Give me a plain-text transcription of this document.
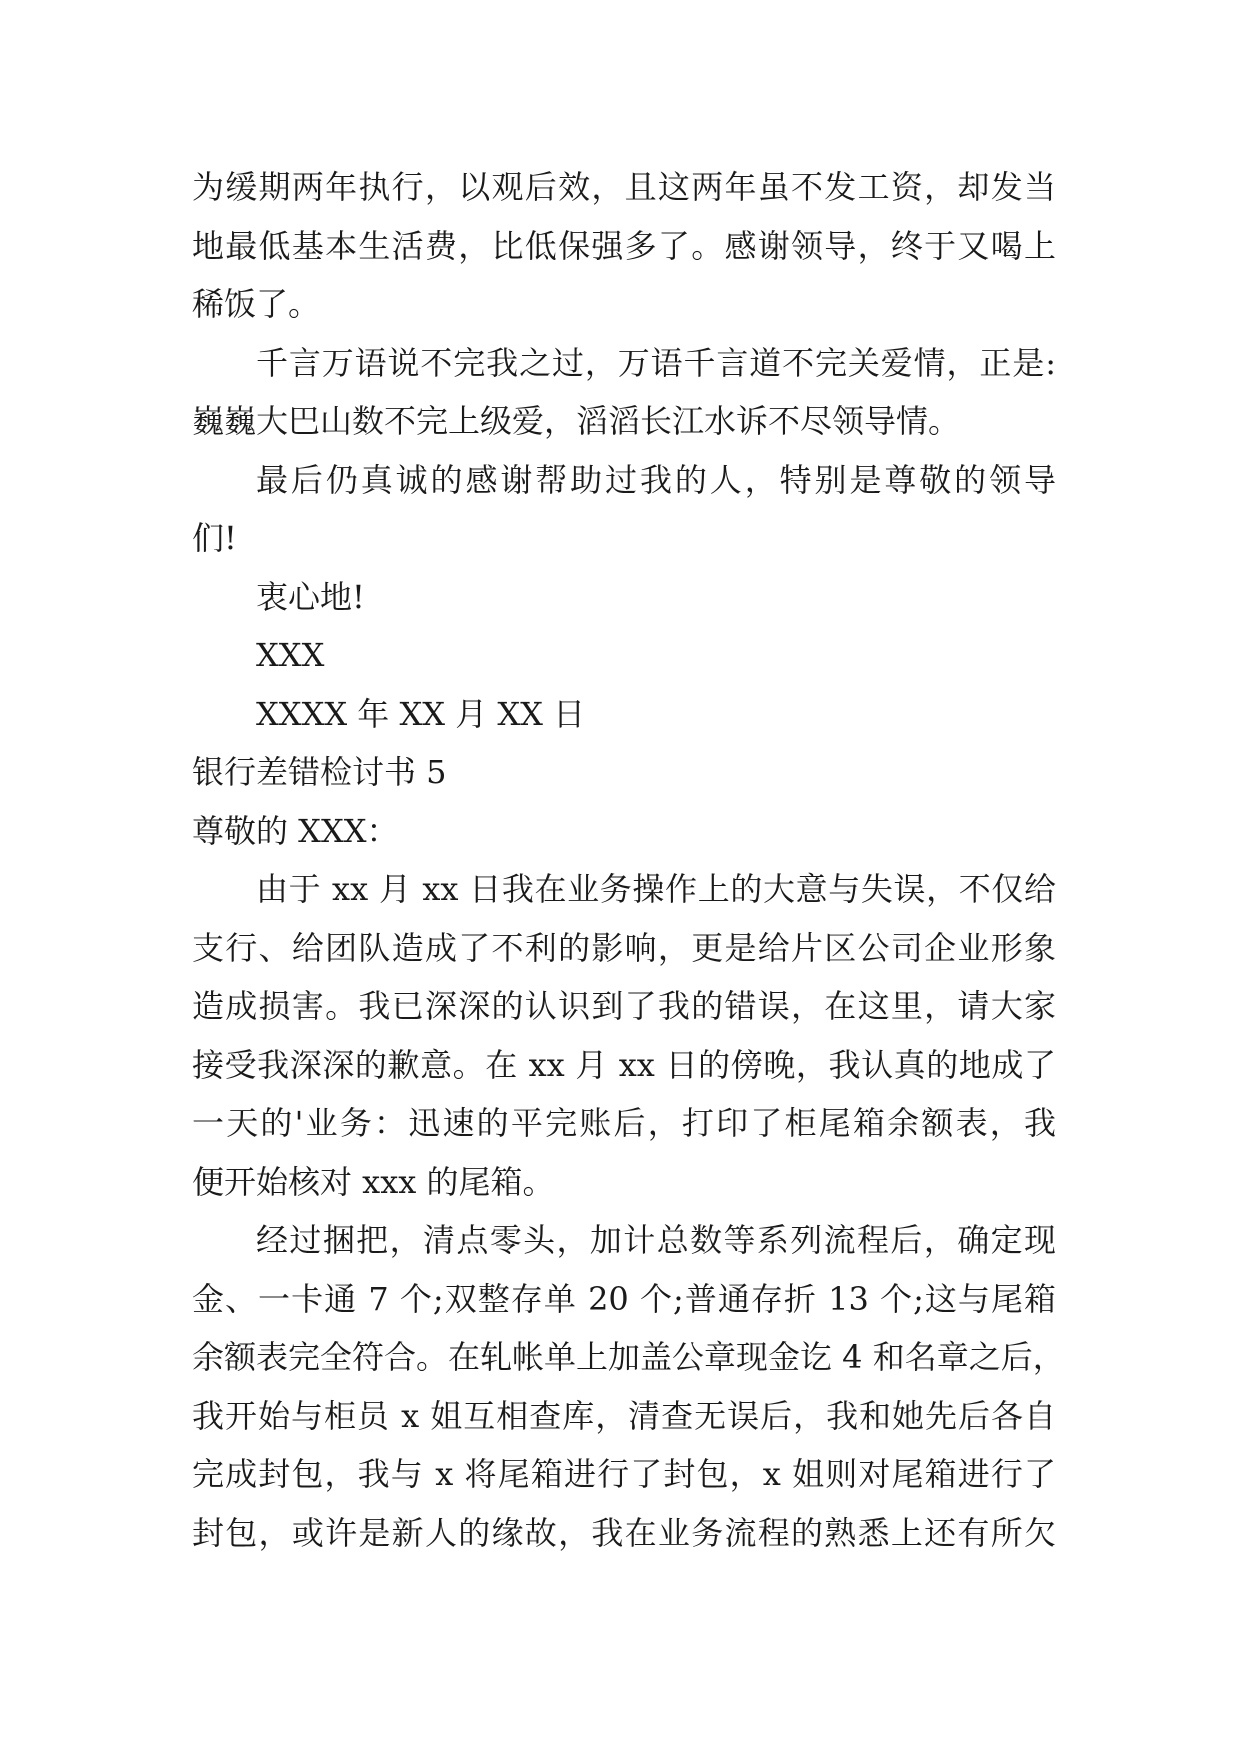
为缓期两年执行，以观后效，且这两年虽不发工资，却发当
地最低基本生活费，比低保强多了。感谢领导，终于又喝上
稀饭了。
千言万语说不完我之过，万语千言道不完关爱情，正是:
巍巍大巴山数不完上级爱，滔滔长江水诉不尽领导情。
最后仍真诚的感谢帮助过我的人，特别是尊敬的领导
们!
衷心地!
XXX
XXXX 年 XX 月 XX 日
银行差错检讨书 5
尊敬的 XXX：
由于 xx 月 xx 日我在业务操作上的大意与失误，不仅给
支行、给团队造成了不利的影响，更是给片区公司企业形象
造成损害。我已深深的认识到了我的错误，在这里，请大家
接受我深深的歉意。在 xx 月 xx 日的傍晚，我认真的地成了
一天的'业务：迅速的平完账后，打印了柜尾箱余额表，我
便开始核对 xxx 的尾箱。
经过捆把，清点零头，加计总数等系列流程后，确定现
金、一卡通 7 个;双整存单 20 个;普通存折 13 个;这与尾箱
余额表完全符合。在轧帐单上加盖公章现金讫 4 和名章之后，
我开始与柜员 x 姐互相查库，清查无误后，我和她先后各自
完成封包，我与 x 将尾箱进行了封包，x 姐则对尾箱进行了
封包，或许是新人的缘故，我在业务流程的熟悉上还有所欠
